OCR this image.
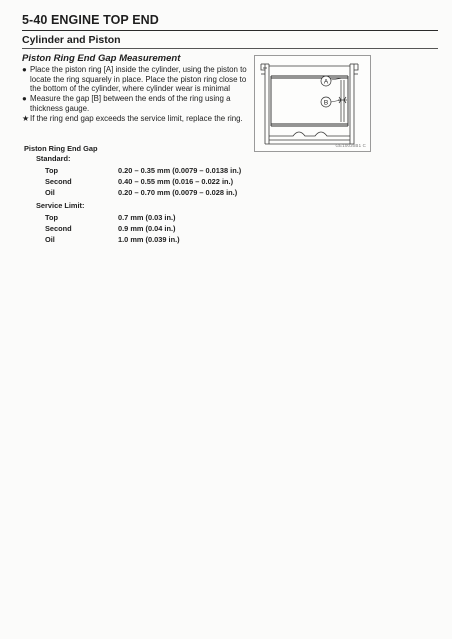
5-40 ENGINE TOP END
Cylinder and Piston
Piston Ring End Gap Measurement

● Place the piston ring [A] inside the cylinder, using the piston to locate the ring squarely in place. Place the piston ring close to the bottom of the cylinder, where cylinder wear is minimal

● Measure the gap [B] between the ends of the ring using a thickness gauge.

★ If the ring end gap exceeds the service limit, replace the ring.

A
B
GE10030B1 C
Piston Ring End Gap
Standard:
Top	0.20 – 0.35 mm (0.0079 – 0.0138 in.)
Second	0.40 – 0.55 mm (0.016 – 0.022 in.)
Oil	0.20 – 0.70 mm (0.0079 – 0.028 in.)
Service Limit:
Top	0.7 mm (0.03 in.)
Second	0.9 mm (0.04 in.)
Oil	1.0 mm (0.039 in.)
